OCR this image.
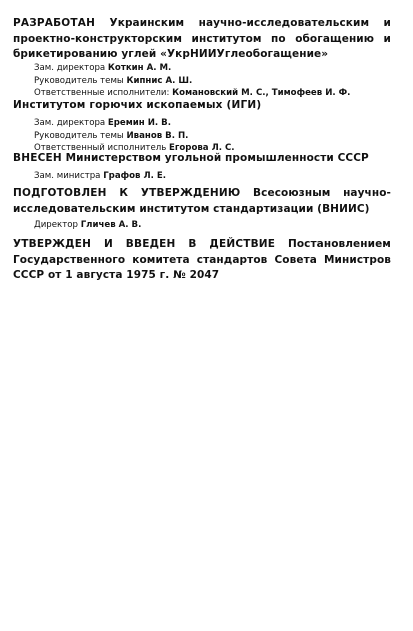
РАЗРАБОТАН Украинским научно-исследовательским и проектно-конструкторским институтом по обогащению и брикетированию углей «УкрНИИУглеобогащение»
Зам. директора Коткин А. М.
Руководитель темы Кипнис А. Ш.
Ответственные исполнители: Комановский М. С., Тимофеев И. Ф.
Институтом горючих ископаемых (ИГИ)
Зам. директора Еремин И. В.
Руководитель темы Иванов В. П.
Ответственный исполнитель Егорова Л. С.
ВНЕСЕН Министерством угольной промышленности СССР
Зам. министра Графов Л. Е.
ПОДГОТОВЛЕН К УТВЕРЖДЕНИЮ Всесоюзным научно-исследовательским институтом стандартизации (ВНИИС)
Директор Гличев А. В.
УТВЕРЖДЕН И ВВЕДЕН В ДЕЙСТВИЕ Постановлением Государственного комитета стандартов Совета Министров СССР от 1 августа 1975 г. № 2047
